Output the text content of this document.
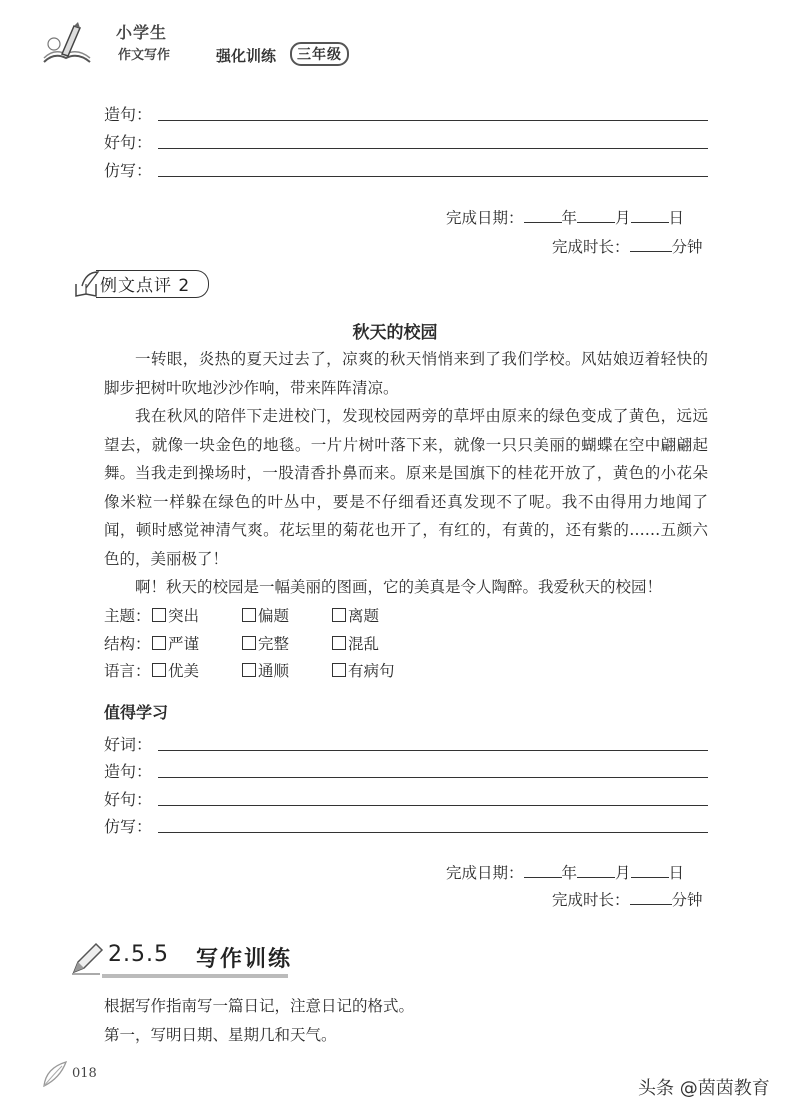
小学生
作文写作	强化训练	三年级
造句：
好句：
仿写：
完成日期： 年 月 日
完成时长：	分钟
例文点评 2
秋天的校园
一转眼，炎热的夏天过去了，凉爽的秋天悄悄来到了我们学校。风姑娘迈着轻快的脚步把树叶吹地沙沙作响，带来阵阵清凉。
我在秋风的陪伴下走进校门，发现校园两旁的草坪由原来的绿色变成了黄色，远远望去，就像一块金色的地毯。一片片树叶落下来，就像一只只美丽的蝴蝶在空中翩翩起舞。 当我走到操场时，一股清香扑鼻而来。原来是国旗下的桂花开放了，黄色的小花朵像米粒一样躲在绿色的叶丛中，要是不仔细看还真发现不了呢。我不由得用力地闻了闻，顿时感觉神清气爽。花坛里的菊花也开了，有红的，有黄的，还有紫的……五颜六色的，美丽极了！
啊！秋天的校园是一幅美丽的图画，它的美真是令人陶醉。我爱秋天的校园！
主题：	突出	偏题	离题
结构：	严谨	完整	混乱
语言：	优美	通顺	有病句
值得学习
好词：
造句：
好句：
仿写：
完成日期： 年 月 日
完成时长：	分钟
2.5.5 写作训练
根据写作指南写一篇日记，注意日记的格式。
第一，写明日期、星期几和天气。
018
头条 @茵茵教育
